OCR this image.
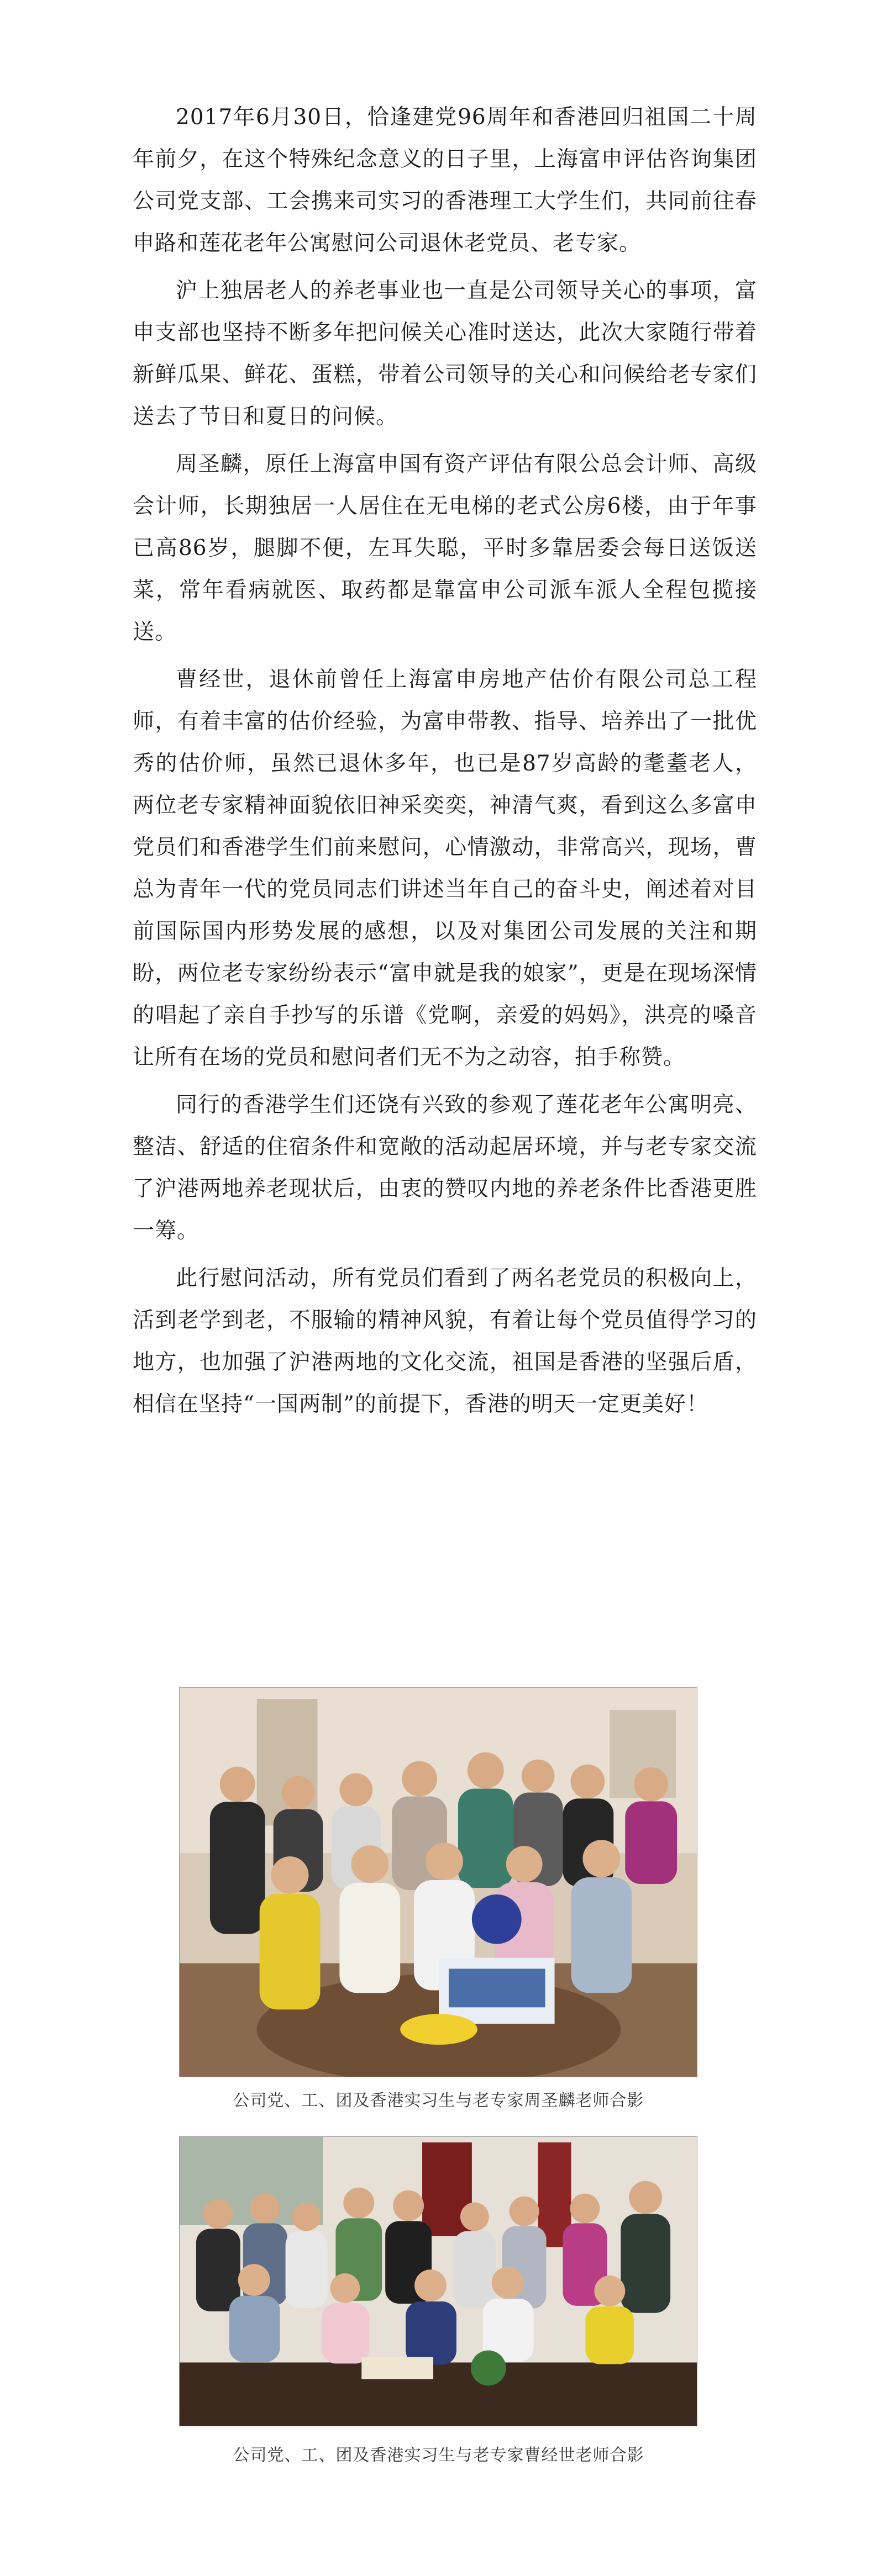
2017年6月30日，恰逢建党96周年和香港回归祖国二十周年前夕，在这个特殊纪念意义的日子里，上海富申评估咨询集团公司党支部、工会携来司实习的香港理工大学生们，共同前往春申路和莲花老年公寓慰问公司退休老党员、老专家。

沪上独居老人的养老事业也一直是公司领导关心的事项，富申支部也坚持不断多年把问候关心准时送达，此次大家随行带着新鲜瓜果、鲜花、蛋糕，带着公司领导的关心和问候给老专家们送去了节日和夏日的问候。

周圣麟，原任上海富申国有资产评估有限公总会计师、高级会计师，长期独居一人居住在无电梯的老式公房6楼，由于年事已高86岁，腿脚不便，左耳失聪，平时多靠居委会每日送饭送菜，常年看病就医、取药都是靠富申公司派车派人全程包揽接送。

曹经世，退休前曾任上海富申房地产估价有限公司总工程师，有着丰富的估价经验，为富申带教、指导、培养出了一批优秀的估价师，虽然已退休多年，也已是87岁高龄的耄耋老人，两位老专家精神面貌依旧神采奕奕，神清气爽，看到这么多富申党员们和香港学生们前来慰问，心情激动，非常高兴，现场，曹总为青年一代的党员同志们讲述当年自己的奋斗史，阐述着对目前国际国内形势发展的感想，以及对集团公司发展的关注和期盼，两位老专家纷纷表示“富申就是我的娘家”，更是在现场深情的唱起了亲自手抄写的乐谱《党啊，亲爱的妈妈》，洪亮的嗓音让所有在场的党员和慰问者们无不为之动容，拍手称赞。

同行的香港学生们还饶有兴致的参观了莲花老年公寓明亮、整洁、舒适的住宿条件和宽敞的活动起居环境，并与老专家交流了沪港两地养老现状后，由衷的赞叹内地的养老条件比香港更胜一筹。

此行慰问活动，所有党员们看到了两名老党员的积极向上，活到老学到老，不服输的精神风貌，有着让每个党员值得学习的地方，也加强了沪港两地的文化交流，祖国是香港的坚强后盾，相信在坚持“一国两制”的前提下，香港的明天一定更美好！

公司党、工、团及香港实习生与老专家周圣麟老师合影
公司党、工、团及香港实习生与老专家曹经世老师合影
